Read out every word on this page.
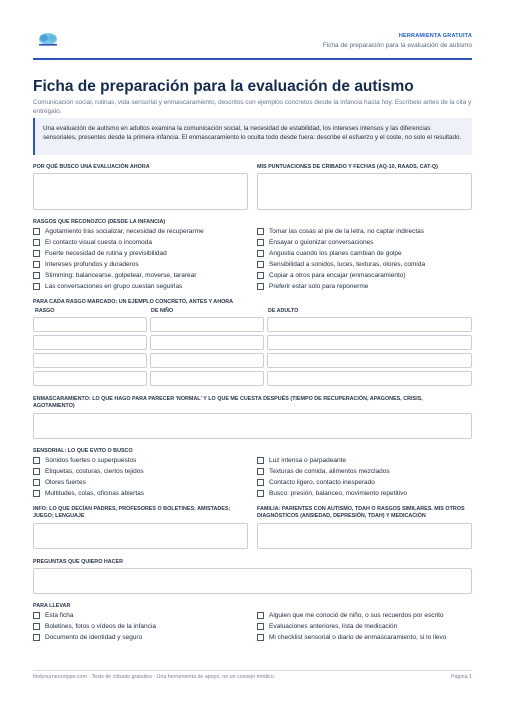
HERRAMIENTA GRATUITA
Ficha de preparación para la evaluación de autismo
Ficha de preparación para la evaluación de autismo
Comunicación social, rutinas, vida sensorial y enmascaramiento, descritos con ejemplos concretos desde la infancia hasta hoy. Escríbelo antes de la cita y entrégalo.
Una evaluación de autismo en adultos examina la comunicación social, la necesidad de estabilidad, los intereses intensos y las diferencias sensoriales, presentes desde la primera infancia. El enmascaramiento lo oculta todo desde fuera: describe el esfuerzo y el coste, no solo el resultado.
POR QUÉ BUSCO UNA EVALUACIÓN AHORA	MIS PUNTUACIONES DE CRIBADO Y FECHAS (AQ-10, RAADS, CAT-Q)
RASGOS QUE RECONOZCO (DESDE LA INFANCIA)
Agotamiento tras socializar, necesidad de recuperarme
El contacto visual cuesta o incomoda
Fuerte necesidad de rutina y previsibilidad
Intereses profundos y duraderos
Stimming: balancearse, golpetear, moverse, tararear
Las conversaciones en grupo cuestan seguirlas
Tomar las cosas al pie de la letra, no captar indirectas
Ensayar o guionizar conversaciones
Angustia cuando los planes cambian de golpe
Sensibilidad a sonidos, luces, texturas, olores, comida
Copiar a otros para encajar (enmascaramiento)
Preferir estar solo para reponerme
PARA CADA RASGO MARCADO: UN EJEMPLO CONCRETO, ANTES Y AHORA
RASGO	DE NIÑO	DE ADULTO
ENMASCARAMIENTO: LO QUE HAGO PARA PARECER 'NORMAL' Y LO QUE ME CUESTA DESPUÉS (TIEMPO DE RECUPERACIÓN, APAGONES, CRISIS, AGOTAMIENTO)
SENSORIAL: LO QUE EVITO O BUSCO
Sonidos fuertes o superpuestos
Etiquetas, costuras, ciertos tejidos
Olores fuertes
Multitudes, colas, oficinas abiertas
Luz intensa o parpadeante
Texturas de comida, alimentos mezclados
Contacto ligero, contacto inesperado
Busco: presión, balanceo, movimiento repetitivo
INFO: LO QUE DECÍAN PADRES, PROFESORES O BOLETINES; AMISTADES; JUEGO; LENGUAJE
FAMILIA: PARIENTES CON AUTISMO, TDAH O RASGOS SIMILARES. MIS OTROS DIAGNÓSTICOS (ANSIEDAD, DEPRESIÓN, TDAH) Y MEDICACIÓN
PREGUNTAS QUE QUIERO HACER
PARA LLEVAR
Esta ficha
Boletines, fotos o vídeos de la infancia
Documento de identidad y seguro
Alguien que me conoció de niño, o sus recuerdos por escrito
Evaluaciones anteriores, lista de medicación
Mi checklist sensorial o diario de enmascaramiento, si lo llevo
findyourneurotype.com · Tests de cribado gratuitos · Una herramienta de apoyo, no un consejo médico.	Página 1
